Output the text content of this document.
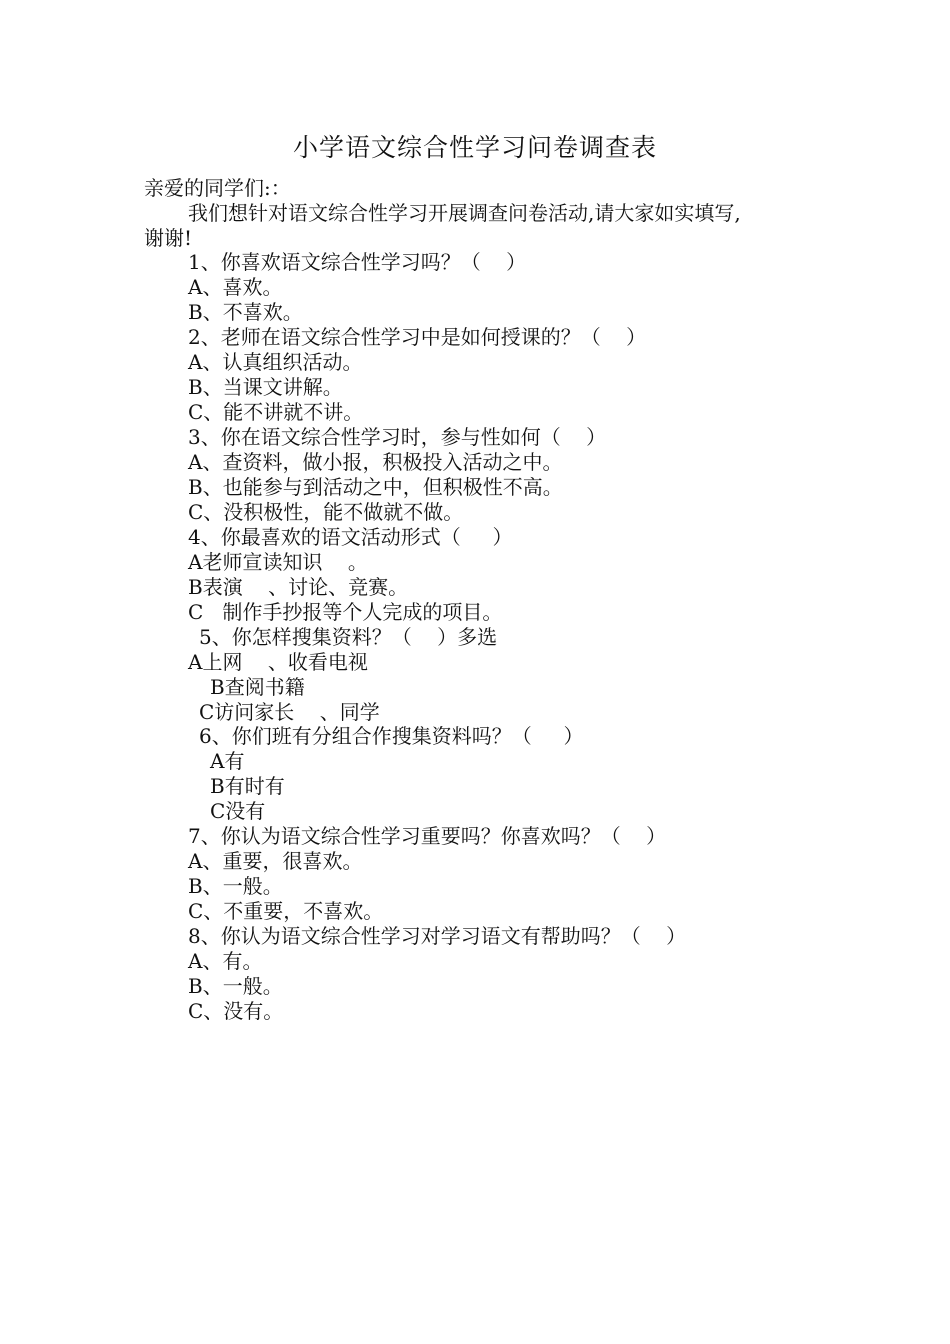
小学语文综合性学习问卷调查表
亲爱的同学们:：
我们想针对语文综合性学习开展调查问卷活动,请大家如实填写,
谢谢!
1、你喜欢语文综合性学习吗？（    ）
A、喜欢。
B、不喜欢。
2、老师在语文综合性学习中是如何授课的？（    ）
A、认真组织活动。
B、当课文讲解。
C、能不讲就不讲。
3、你在语文综合性学习时，参与性如何（    ）
A、查资料，做小报，积极投入活动之中。
B、也能参与到活动之中，但积极性不高。
C、没积极性，能不做就不做。
4、你最喜欢的语文活动形式（     ）
A老师宣读知识    。
B表演    、讨论、竞赛。
C   制作手抄报等个人完成的项目。
5、你怎样搜集资料？（    ）多选
A上网    、收看电视
B查阅书籍
C访问家长    、同学
6、你们班有分组合作搜集资料吗？（     ）
A有
B有时有
C没有
7、你认为语文综合性学习重要吗？你喜欢吗？（    ）
A、重要，很喜欢。
B、一般。
C、不重要，不喜欢。
8、你认为语文综合性学习对学习语文有帮助吗？（    ）
A、有。
B、一般。
C、没有。
